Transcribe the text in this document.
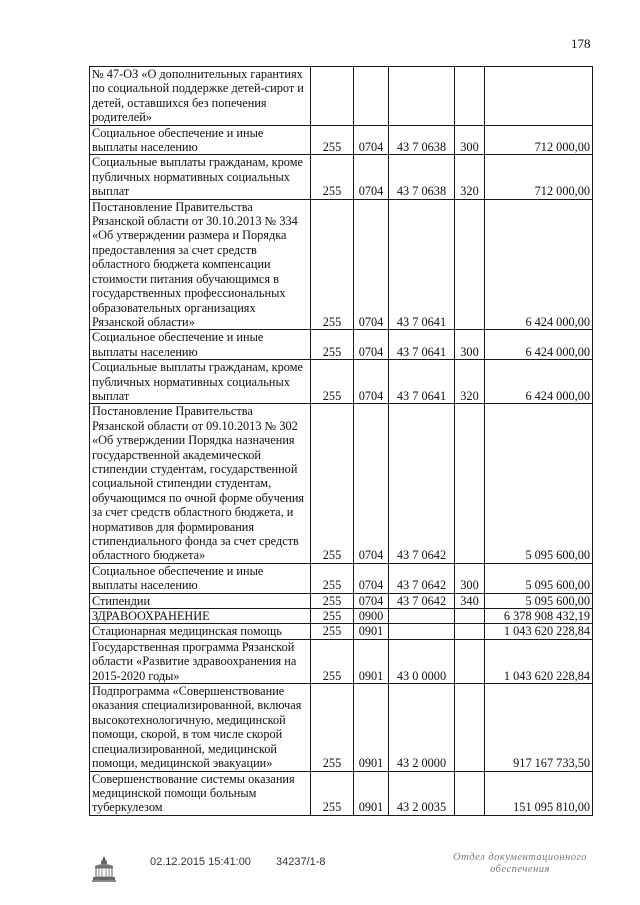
178
№ 47-ОЗ «О дополнительных гарантиях по социальной поддержке детей-сирот и детей, оставшихся без попечения родителей»					
Социальное обеспечение и иные выплаты населению	255	0704	43 7 0638	300	712 000,00
Социальные выплаты гражданам, кроме публичных нормативных социальных выплат	255	0704	43 7 0638	320	712 000,00
Постановление Правительства Рязанской области от 30.10.2013 № 334 «Об утверждении размера и Порядка предоставления за счет средств областного бюджета компенсации стоимости питания обучающимся в государственных профессиональных образовательных организациях Рязанской области»	255	0704	43 7 0641		6 424 000,00
Социальное обеспечение и иные выплаты населению	255	0704	43 7 0641	300	6 424 000,00
Социальные выплаты гражданам, кроме публичных нормативных социальных выплат	255	0704	43 7 0641	320	6 424 000,00
Постановление Правительства Рязанской области от 09.10.2013 № 302 «Об утверждении Порядка назначения государственной академической стипендии студентам, государственной социальной стипендии студентам, обучающимся по очной форме обучения за счет средств областного бюджета, и нормативов для формирования стипендиального фонда за счет средств областного бюджета»	255	0704	43 7 0642		5 095 600,00
Социальное обеспечение и иные выплаты населению	255	0704	43 7 0642	300	5 095 600,00
Стипендии	255	0704	43 7 0642	340	5 095 600,00
ЗДРАВООХРАНЕНИЕ	255	0900			6 378 908 432,19
Стационарная медицинская помощь	255	0901			1 043 620 228,84
Государственная программа Рязанской области «Развитие здравоохранения на 2015-2020 годы»	255	0901	43 0 0000		1 043 620 228,84
Подпрограмма «Совершенствование оказания специализированной, включая высокотехнологичную, медицинской помощи, скорой, в том числе скорой специализированной, медицинской помощи, медицинской эвакуации»	255	0901	43 2 0000		917 167 733,50
Совершенствование системы оказания медицинской помощи больным туберкулезом	255	0901	43 2 0035		151 095 810,00
02.12.2015 15:41:00 34237/1-8	Отдел документационного обеспечения
